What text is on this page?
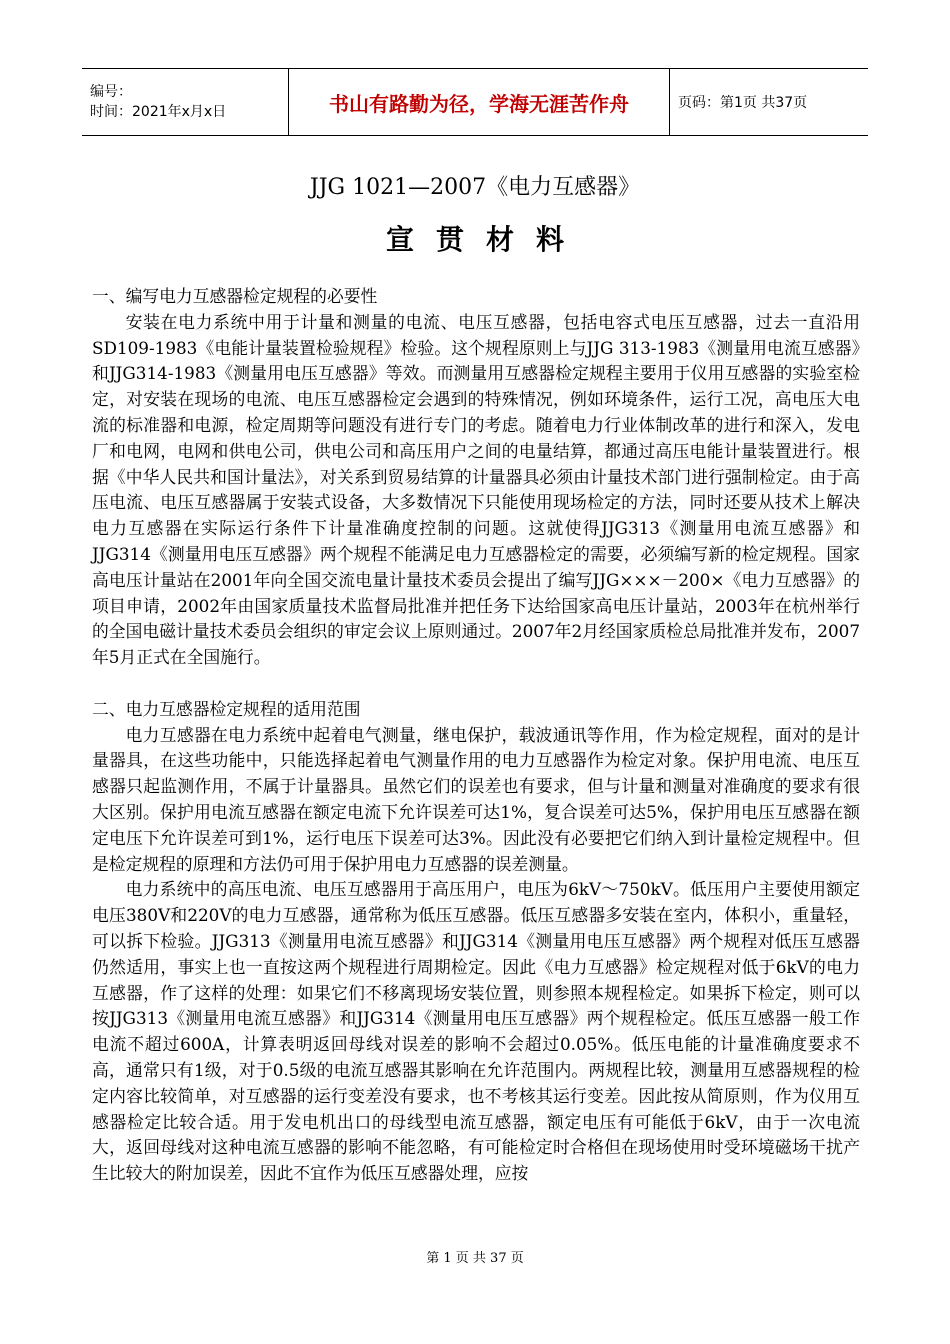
编号：
时间：2021年x月x日	书山有路勤为径，学海无涯苦作舟	页码：第1页 共37页
JJG 1021—2007《电力互感器》
宣贯材料

一、编写电力互感器检定规程的必要性

安装在电力系统中用于计量和测量的电流、电压互感器，包括电容式电压互感器，过去一直沿用SD109-1983《电能计量装置检验规程》检验。这个规程原则上与JJG 313-1983《测量用电流互感器》和JJG314-1983《测量用电压互感器》等效。而测量用互感器检定规程主要用于仪用互感器的实验室检定，对安装在现场的电流、电压互感器检定会遇到的特殊情况，例如环境条件，运行工况，高电压大电流的标准器和电源，检定周期等问题没有进行专门的考虑。随着电力行业体制改革的进行和深入，发电厂和电网，电网和供电公司，供电公司和高压用户之间的电量结算，都通过高压电能计量装置进行。根据《中华人民共和国计量法》，对关系到贸易结算的计量器具必须由计量技术部门进行强制检定。由于高压电流、电压互感器属于安装式设备，大多数情况下只能使用现场检定的方法，同时还要从技术上解决电力互感器在实际运行条件下计量准确度控制的问题。这就使得JJG313《测量用电流互感器》和JJG314《测量用电压互感器》两个规程不能满足电力互感器检定的需要，必须编写新的检定规程。国家高电压计量站在2001年向全国交流电量计量技术委员会提出了编写JJG×××－200×《电力互感器》的项目申请，2002年由国家质量技术监督局批准并把任务下达给国家高电压计量站，2003年在杭州举行的全国电磁计量技术委员会组织的审定会议上原则通过。2007年2月经国家质检总局批准并发布，2007年5月正式在全国施行。

二、电力互感器检定规程的适用范围

电力互感器在电力系统中起着电气测量，继电保护，载波通讯等作用，作为检定规程，面对的是计量器具，在这些功能中，只能选择起着电气测量作用的电力互感器作为检定对象。保护用电流、电压互感器只起监测作用，不属于计量器具。虽然它们的误差也有要求，但与计量和测量对准确度的要求有很大区别。保护用电流互感器在额定电流下允许误差可达1%，复合误差可达5%，保护用电压互感器在额定电压下允许误差可到1%，运行电压下误差可达3%。因此没有必要把它们纳入到计量检定规程中。但是检定规程的原理和方法仍可用于保护用电力互感器的误差测量。

电力系统中的高压电流、电压互感器用于高压用户，电压为6kV～750kV。低压用户主要使用额定电压380V和220V的电力互感器，通常称为低压互感器。低压互感器多安装在室内，体积小，重量轻，可以拆下检验。JJG313《测量用电流互感器》和JJG314《测量用电压互感器》两个规程对低压互感器仍然适用，事实上也一直按这两个规程进行周期检定。因此《电力互感器》检定规程对低于6kV的电力互感器，作了这样的处理：如果它们不移离现场安装位置，则参照本规程检定。如果拆下检定，则可以按JJG313《测量用电流互感器》和JJG314《测量用电压互感器》两个规程检定。低压互感器一般工作电流不超过600A，计算表明返回母线对误差的影响不会超过0.05%。低压电能的计量准确度要求不高，通常只有1级，对于0.5级的电流互感器其影响在允许范围内。两规程比较，测量用互感器规程的检定内容比较简单，对互感器的运行变差没有要求，也不考核其运行变差。因此按从简原则，作为仪用互感器检定比较合适。用于发电机出口的母线型电流互感器，额定电压有可能低于6kV，由于一次电流大，返回母线对这种电流互感器的影响不能忽略，有可能检定时合格但在现场使用时受环境磁场干扰产生比较大的附加误差，因此不宜作为低压互感器处理，应按

第 1 页 共 37 页
